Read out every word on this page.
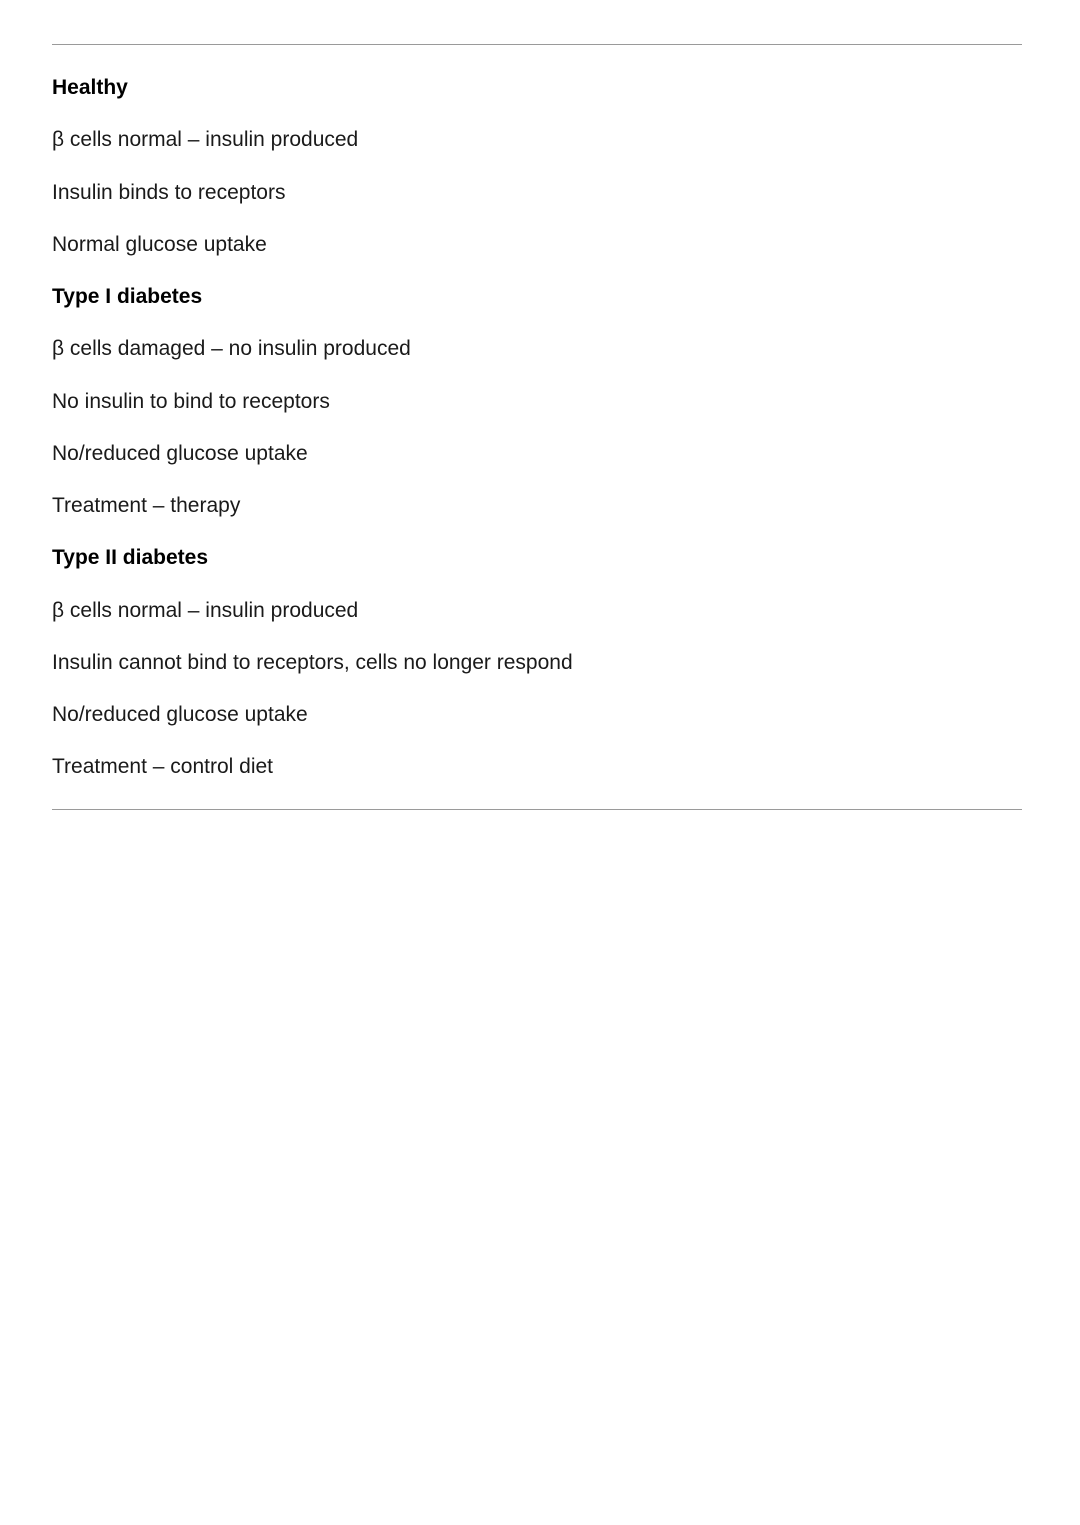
Healthy

β cells normal – insulin produced

Insulin binds to receptors

Normal glucose uptake

Type I diabetes

β cells damaged – no insulin produced

No insulin to bind to receptors

No/reduced glucose uptake

Treatment – therapy

Type II diabetes

β cells normal – insulin produced

Insulin cannot bind to receptors, cells no longer respond

No/reduced glucose uptake

Treatment – control diet
